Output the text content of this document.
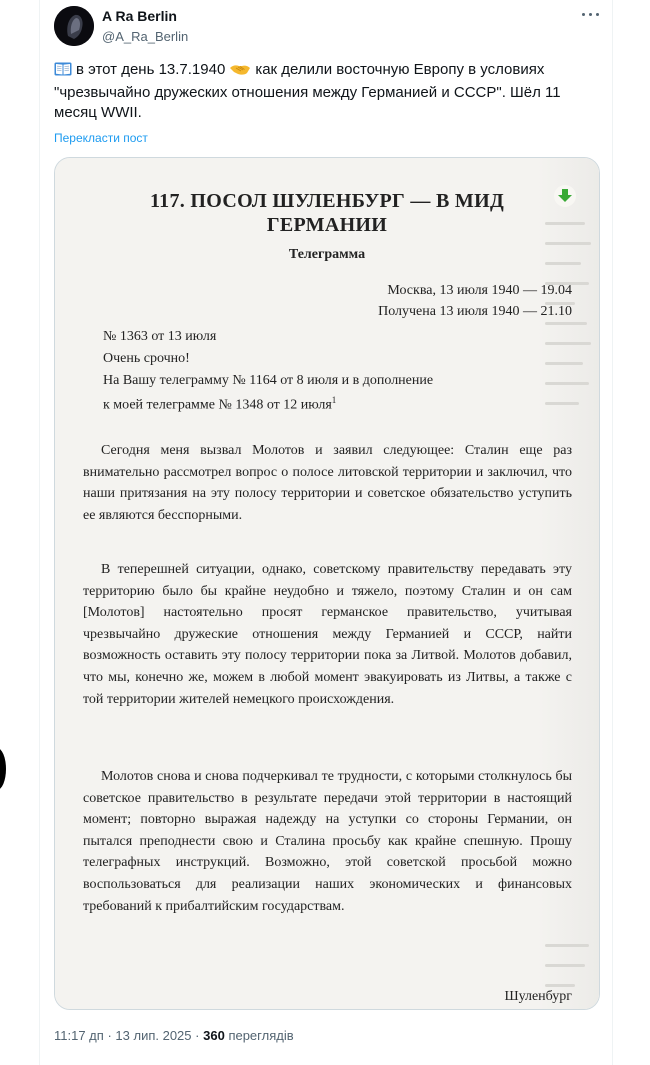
A Ra Berlin
@A_Ra_Berlin
в этот день 13.7.1940 как делили восточную Европу в условиях "чрезвычайно дружеских отношения между Германией и СССР". Шёл 11 месяц WWII.
Перекласти пост
117. ПОСОЛ ШУЛЕНБУРГ — В МИД
ГЕРМАНИИ
Телеграмма
Москва, 13 июля 1940 — 19.04
Получена 13 июля 1940 — 21.10
№ 1363 от 13 июля
Очень срочно!
На Вашу телеграмму № 1164 от 8 июля и в дополнение
к моей телеграмме № 1348 от 12 июля$^1$
Сегодня меня вызвал Молотов и заявил следующее: Сталин еще раз внимательно рассмотрел вопрос о полосе литовской территории и заключил, что наши притязания на эту полосу территории и советское обязательство уступить ее являются бесспорными.
В теперешней ситуации, однако, советскому правительству передавать эту территорию было бы крайне неудобно и тяжело, поэтому Сталин и он сам [Молотов] настоятельно просят германское правительство, учитывая чрезвычайно дружеские отношения между Германией и СССР, найти возможность оставить эту полосу территории пока за Литвой. Молотов добавил, что мы, конечно же, можем в любой момент эвакуировать из Литвы, а также с той территории жителей немецкого происхождения.
Молотов снова и снова подчеркивал те трудности, с которыми столкнулось бы советское правительство в результате передачи этой территории в настоящий момент; повторно выражая надежду на уступки со стороны Германии, он пытался преподнести свою и Сталина просьбу как крайне спешную. Прошу телеграфных инструкций. Возможно, этой советской просьбой можно воспользоваться для реализации наших экономических и финансовых требований к прибалтийским государствам.
Шуленбург
11:17 дп · 13 лип. 2025 · 360 переглядів
